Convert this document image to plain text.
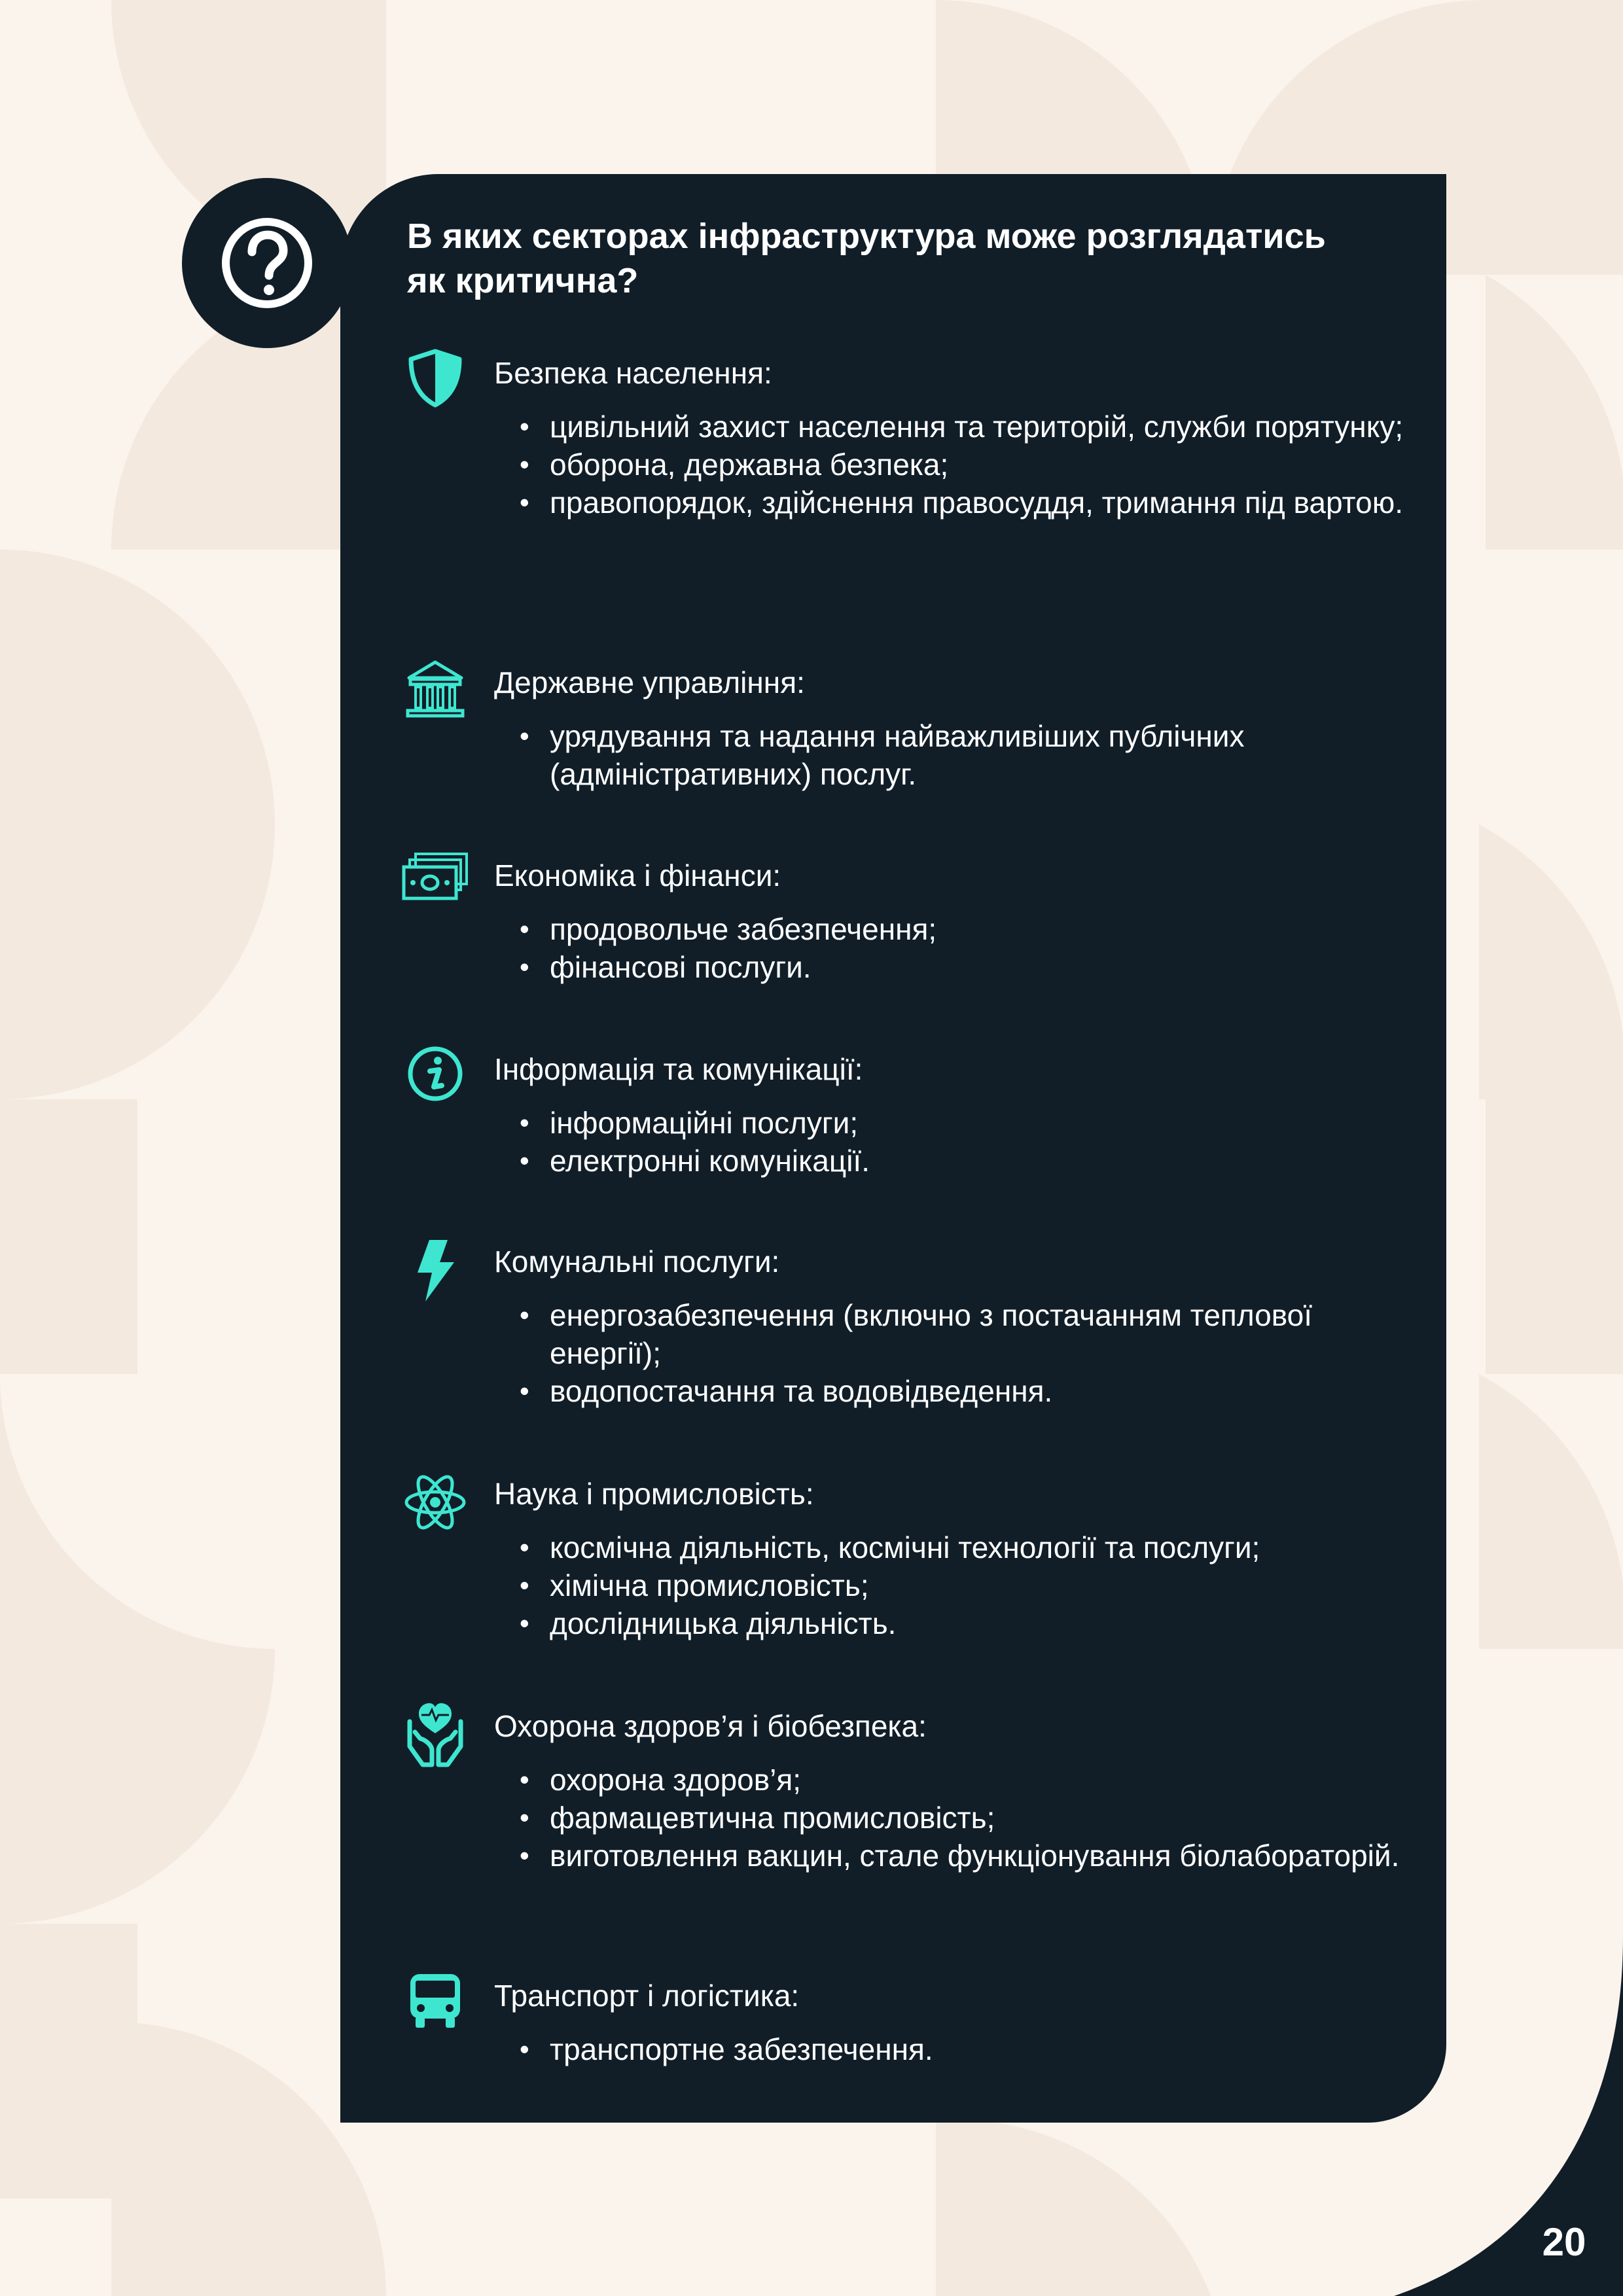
В яких секторах інфраструктура може розглядатись як критична?
Безпека населення:
• цивільний захист населення та територій, служби порятунку;
• оборона, державна безпека;
• правопорядок, здійснення правосуддя, тримання під вартою.
Державне управління:
• урядування та надання найважливіших публічних (адміністративних) послуг.
Економіка і фінанси:
• продовольче забезпечення;
• фінансові послуги.
Інформація та комунікації:
• інформаційні послуги;
• електронні комунікації.
Комунальні послуги:
• енергозабезпечення (включно з постачанням теплової енергії);
• водопостачання та водовідведення.
Наука і промисловість:
• космічна діяльність, космічні технології та послуги;
• хімічна промисловість;
• дослідницька діяльність.
Охорона здоров’я і біобезпека:
• охорона здоров’я;
• фармацевтична промисловість;
• виготовлення вакцин, стале функціонування біолабораторій.
Транспорт і логістика:
• транспортне забезпечення.
20
